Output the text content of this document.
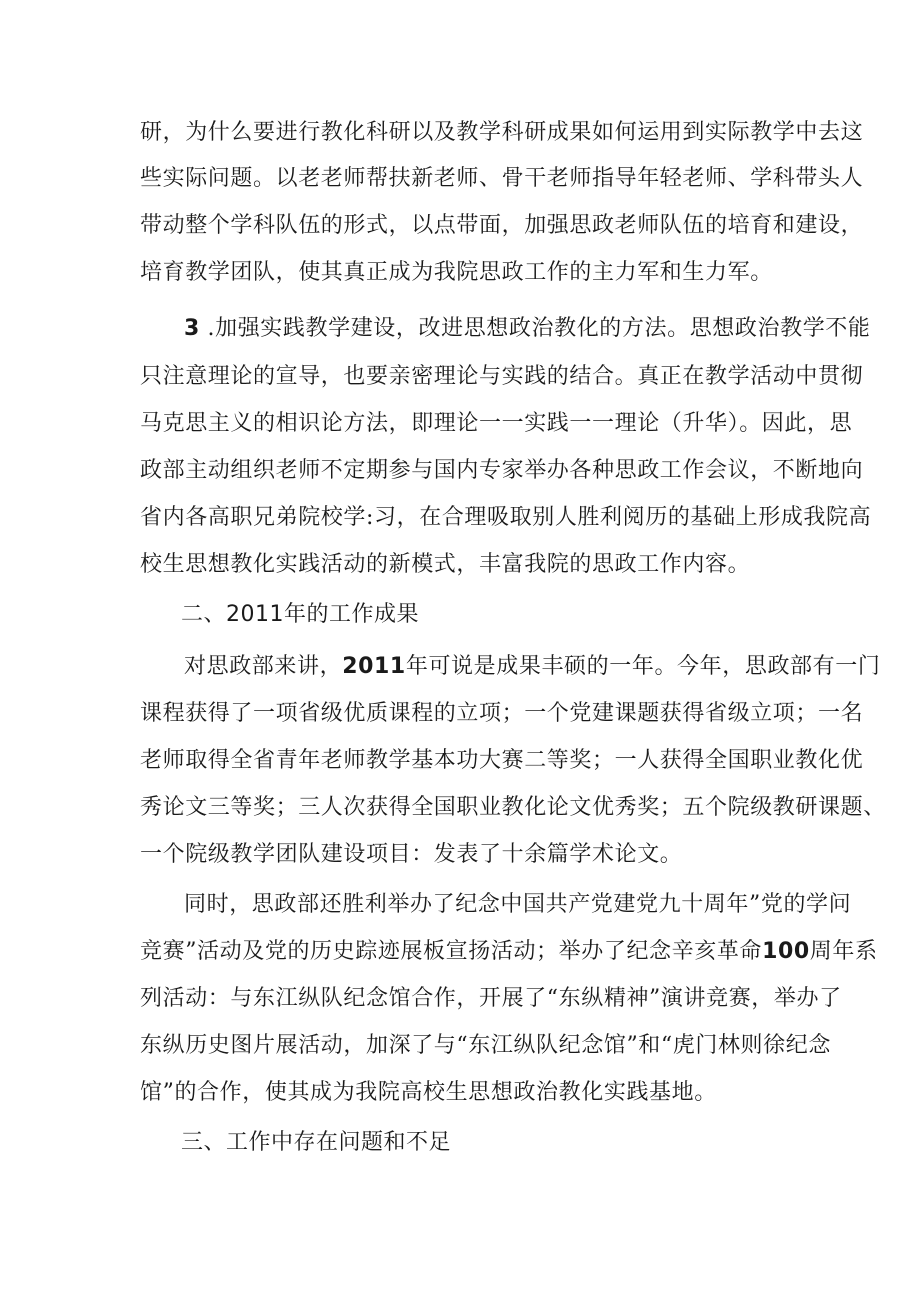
研，为什么要进行教化科研以及教学科研成果如何运用到实际教学中去这
些实际问题。以老老师帮扶新老师、骨干老师指导年轻老师、学科带头人
带动整个学科队伍的形式，以点带面，加强思政老师队伍的培育和建设，
培育教学团队，使其真正成为我院思政工作的主力军和生力军。
3 .加强实践教学建设，改进思想政治教化的方法。思想政治教学不能
只注意理论的宣导，也要亲密理论与实践的结合。真正在教学活动中贯彻
马克思主义的相识论方法，即理论一一实践一一理论（升华）。因此，思
政部主动组织老师不定期参与国内专家举办各种思政工作会议，不断地向
省内各高职兄弟院校学:习，在合理吸取别人胜利阅历的基础上形成我院高
校生思想教化实践活动的新模式，丰富我院的思政工作内容。
二、2011年的工作成果
对思政部来讲，2011年可说是成果丰硕的一年。今年，思政部有一门
课程获得了一项省级优质课程的立项；一个党建课题获得省级立项；一名
老师取得全省青年老师教学基本功大赛二等奖；一人获得全国职业教化优
秀论文三等奖；三人次获得全国职业教化论文优秀奖；五个院级教研课题、
一个院级教学团队建设项目：发表了十余篇学术论文。
同时，思政部还胜利举办了纪念中国共产党建党九十周年”党的学问
竞赛”活动及党的历史踪迹展板宣扬活动；举办了纪念辛亥革命100周年系
列活动：与东江纵队纪念馆合作，开展了“东纵精神”演讲竞赛，举办了
东纵历史图片展活动，加深了与“东江纵队纪念馆”和“虎门林则徐纪念
馆”的合作，使其成为我院高校生思想政治教化实践基地。
三、工作中存在问题和不足
